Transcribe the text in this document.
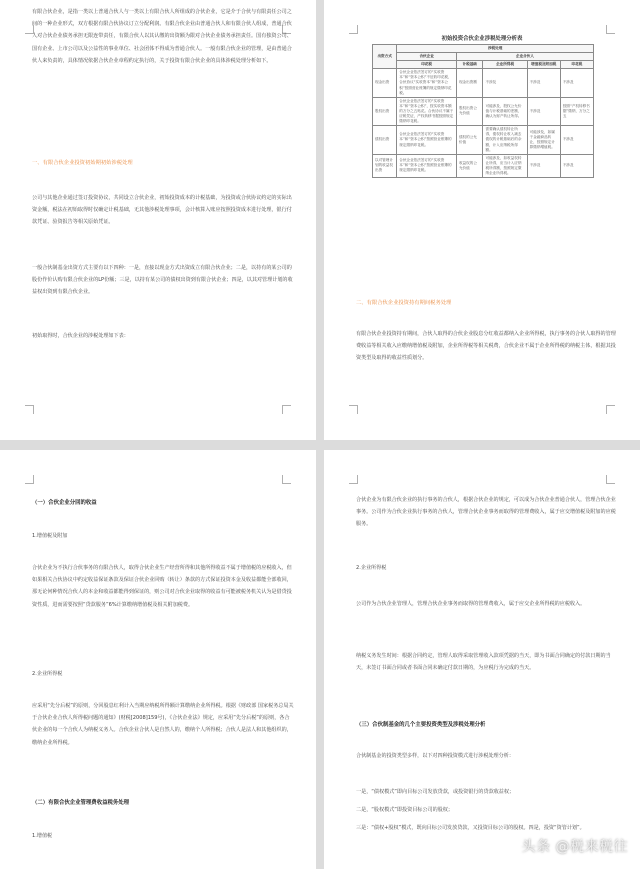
有限合伙企业，是指一类以上普通合伙人与一类以上有限合伙人所组成的合伙企业，它是介于合伙与有限责任公司之间的一种企业形式，双方根据有限合伙协议订立分配利润。有限合伙企业由普通合伙人和有限合伙人组成，普通合伙人对合伙企业债务承担无限连带责任，有限合伙人以其认缴的出资额为限对合伙企业债务承担责任。国有独资公司、国有企业、上市公司以及公益性的事业单位、社会团体不得成为普通合伙人。一般有限合伙企业的管理，是由普通合伙人来负责的，具体情况依据合伙企业章程约定执行的，关于投资有限合伙企业的具体涉税处理分析如下。
一、有限合伙企业投资初始期初始涉税处理
公司与其他企业通过签订投资协议，共同设立合伙企业，初始投资成本的计税基础，为投资或合伙协议约定的实际出资金额，税法在初始取得时仅确定计税基础，无其他涉税处理事项，会计核算入账应按照投资成本进行处理，银行付款凭证、验资报告等相关原始凭证。
一般合伙制基金出资方式主要有以下四种：一是，直接以现金方式出资成立有限合伙企业；二是，以持有的某公司的股份作价认购有限合伙企业的LP份额；三是，以持有某公司的债权出资到有限合伙企业；四是，以其对管理计划的收益权出资到有限合伙企业。
初始取得时，合伙企业的涉税处理如下表：
初始投资合伙企业涉税处理分析表
出资方式	涉税处理				
	合伙企业	企业合伙人			
	印花税	计税基础	企业所得税	增值税及附加税	印花税
现金出资	合伙企业依法签订的“实收资本”和“资本公积”不征收印花税，合伙协议“实收资本”和“资本公积”按照营业账簿的规定缴纳印花税。	现金出资额	不涉及	不涉及	不涉及
股权出资	合伙企业依法签订的“实收资本”和“资本公积”，按实收资本额的万分之五贴花。合伙协议不属于应税凭证，产权转移书据按照规定缴纳印花税。	股权出资公允价值	可能涉及，股权公允价值与计税基础的差额，确认为财产转让所得。	不涉及	按照“产权转移书据”缴纳，万分之五
债权出资	合伙企业依法签订的“实收资本”和“资本公积”按照营业账簿的规定缴纳印花税。	债权的公允价值	需要确认债权转让所得，债权转让收入减去债权的计税基础后的余额，计入应纳税所得额。	可能涉及，如属于金融商品转让，按照规定计算缴纳增值税。	不涉及
以对管理计划的收益权出资	合伙企业依法签订的“实收资本”和“资本公积”按照营业账簿的规定缴纳印花税。	收益权的公允价值	可能涉及，如收益权转让所得，应当计入应纳税所得额，按照规定缴纳企业所得税。	不涉及	不涉及
二、有限合伙企业投资持有期间税务处理
有限合伙企业投资持有期间，合伙人取得的合伙企业股息分红收益都纳入企业所得税，执行事务的合伙人取得的管理费收益等相关收入应缴纳增值税及附加，企业所得税等相关税费，合伙企业不属于企业所得税的纳税主体，根据其投资类型及取得的收益性质划分。
（一）合伙企业分回的收益
1.增值税及附加
合伙企业为不执行合伙事务的有限合伙人，取得合伙企业生产经营所得和其他所得收益不属于增值税的应税收入，但如果相关合伙协议中约定收益保证条款及保证合伙企业回购（转让）条款的方式保证投资本金及收益都能全部收回，那无论何种情况合伙人的本金和收益都能得到保证的，则公司对合伙企业取得的收益有可能被税务机关认为是借贷投资性质，进而需要按照“贷款服务”6%计算缴纳增值税及相关附加税费。
2.企业所得税
应采用“先分后税”的原则，分回股息红利计入当期应纳税所得额计算缴纳企业所得税。根据《财政部 国家税务总局关于合伙企业合伙人所得税问题的通知》(财税[2008]159号)，《合伙企业法》规定，应采用“先分后税”的原则，各合伙企业的每一个合伙人为纳税义务人。合伙企业合伙人是自然人的，缴纳个人所得税；合伙人是法人和其他组织的，缴纳企业所得税。
（二）有限合伙企业管理费收益税务处理
1.增值税
合伙企业为有限合伙企业的执行事务的合伙人，根据合伙企业的规定，可以成为合伙企业普通合伙人，管理合伙企业事务。公司作为合伙企业执行事务的合伙人，管理合伙企业事务而取得的管理费收入，属于应交增值税及附加的应税服务。
2.企业所得税
公司作为合伙企业管理人，管理合伙企业事务而取得的管理费收入，属于应交企业所得税的应税收入。
纳税义务发生时间：根据合同约定，管理人取得采取管理收入款项凭据的当天，即为书面合同确定的付款日期的当天，未签订书面合同或者书面合同未确定付款日期的，为应税行为完成的当天。
（三）合伙制基金的几个主要投资类型及涉税处理分析
合伙制基金的投资类型多样，以下对四种投资模式进行涉税处理分析：
一是，“债权模式”即向目标公司发放贷款，或投资银行的贷款收益权；
二是，“股权模式”即投资目标公司的股权；
三是：“债权+股权”模式，既向目标公司发放贷款，又投资目标公司的股权。四是，投资“资管计划”。
头条 @税来税往
